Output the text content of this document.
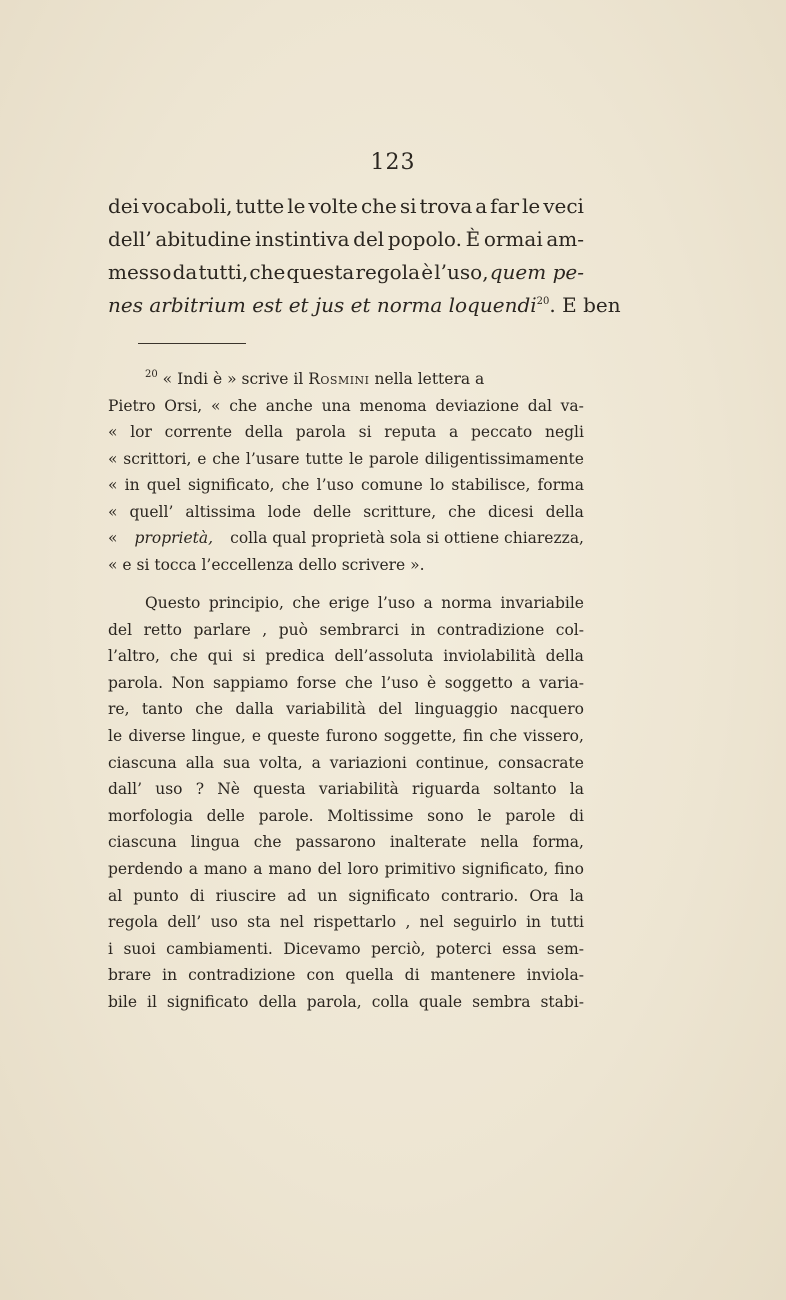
123
dei vocaboli, tutte le volte che si trova a far le veci
dell’ abitudine instintiva del popolo. È ormai am-
messo da tutti, che questa regola è l’uso, quem pe-
nes arbitrium est et jus et norma loquendi$^{20}$. E ben
$^{20}$ « Indi è » scrive il Rosmini nella lettera a
Pietro Orsi, « che anche una menoma deviazione dal va-
« lor corrente della parola si reputa a peccato negli
« scrittori, e che l’usare tutte le parole diligentissimamente
« in quel significato, che l’uso comune lo stabilisce, forma
« quell’ altissima lode delle scritture, che dicesi della
« proprietà, colla qual proprietà sola si ottiene chiarezza,
« e si tocca l’eccellenza dello scrivere ».
Questo principio, che erige l’uso a norma invariabile
del retto parlare , può sembrarci in contradizione col-
l’altro, che qui si predica dell’assoluta inviolabilità della
parola. Non sappiamo forse che l’uso è soggetto a varia-
re, tanto che dalla variabilità del linguaggio nacquero
le diverse lingue, e queste furono soggette, fin che vissero,
ciascuna alla sua volta, a variazioni continue, consacrate
dall’ uso ? Nè questa variabilità riguarda soltanto la
morfologia delle parole. Moltissime sono le parole di
ciascuna lingua che passarono inalterate nella forma,
perdendo a mano a mano del loro primitivo significato, fino
al punto di riuscire ad un significato contrario. Ora la
regola dell’ uso sta nel rispettarlo , nel seguirlo in tutti
i suoi cambiamenti. Dicevamo perciò, poterci essa sem-
brare in contradizione con quella di mantenere inviola-
bile il significato della parola, colla quale sembra stabi-
